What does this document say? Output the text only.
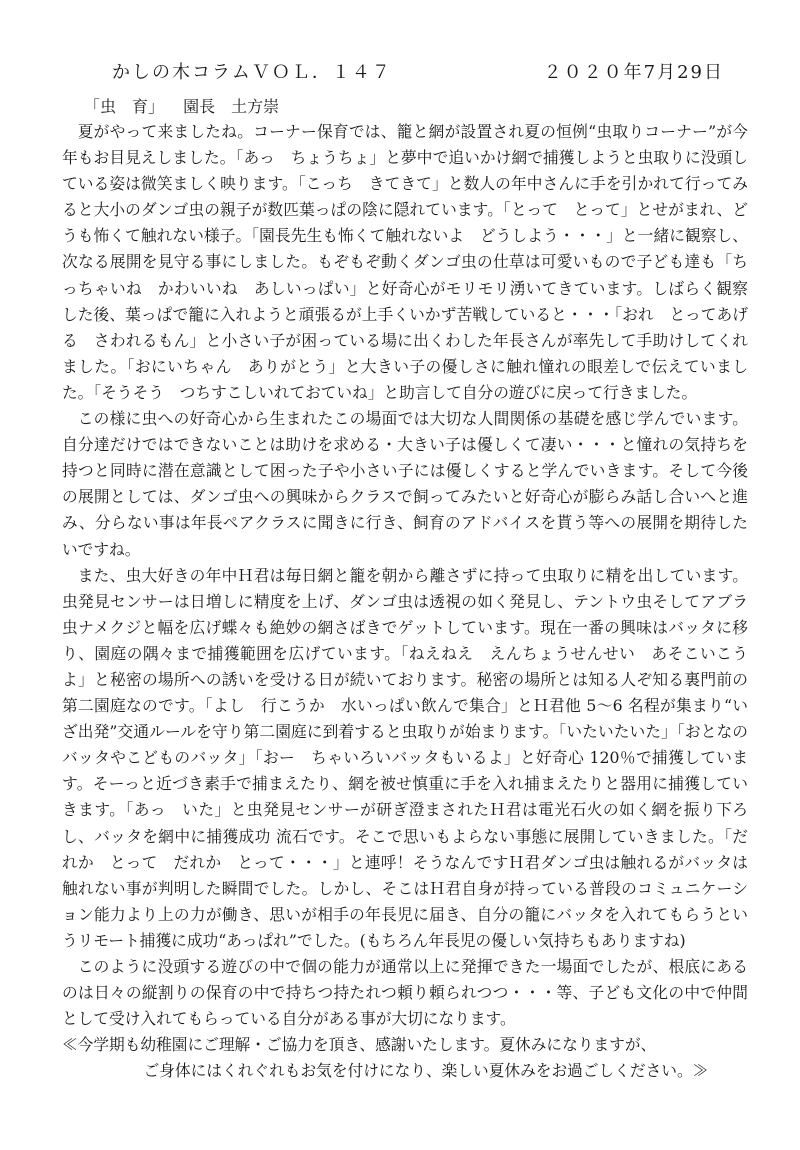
かしの木コラムＶＯＬ．１４７	２０２０年7月29日
「虫　育」 園長　土方崇

夏がやって来ましたね。コーナー保育では、籠と網が設置され夏の恒例“虫取りコーナー”が今年もお目見えしました。「あっ　ちょうちょ」と夢中で追いかけ網で捕獲しようと虫取りに没頭している姿は微笑ましく映ります。「こっち　きてきて」と数人の年中さんに手を引かれて行ってみると大小のダンゴ虫の親子が数匹葉っぱの陰に隠れています。「とって　とって」とせがまれ、どうも怖くて触れない様子。「園長先生も怖くて触れないよ　どうしよう・・・」と一緒に観察し、次なる展開を見守る事にしました。もぞもぞ動くダンゴ虫の仕草は可愛いもので子ども達も「ちっちゃいね　かわいいね　あしいっぱい」と好奇心がモリモリ湧いてきています。しばらく観察した後、葉っぱで籠に入れようと頑張るが上手くいかず苦戦していると・・・「おれ　とってあげる　さわれるもん」と小さい子が困っている場に出くわした年長さんが率先して手助けしてくれました。「おにいちゃん　ありがとう」と大きい子の優しさに触れ憧れの眼差しで伝えていました。「そうそう　つちすこしいれておていね」と助言して自分の遊びに戻って行きました。

この様に虫への好奇心から生まれたこの場面では大切な人間関係の基礎を感じ学んでいます。自分達だけではできないことは助けを求める・大きい子は優しくて凄い・・・と憧れの気持ちを持つと同時に潜在意識として困った子や小さい子には優しくすると学んでいきます。そして今後の展開としては、ダンゴ虫への興味からクラスで飼ってみたいと好奇心が膨らみ話し合いへと進み、分らない事は年長ペアクラスに聞きに行き、飼育のアドバイスを貰う等への展開を期待したいですね。

また、虫大好きの年中Ｈ君は毎日網と籠を朝から離さずに持って虫取りに精を出しています。虫発見センサーは日増しに精度を上げ、ダンゴ虫は透視の如く発見し、テントウ虫そしてアブラ虫ナメクジと幅を広げ蝶々も絶妙の網さばきでゲットしています。現在一番の興味はバッタに移り、園庭の隅々まで捕獲範囲を広げています。「ねえねえ　えんちょうせんせい　あそこいこうよ」と秘密の場所への誘いを受ける日が続いております。秘密の場所とは知る人ぞ知る裏門前の第二園庭なのです。「よし　行こうか　水いっぱい飲んで集合」とＨ君他 5～6 名程が集まり“いざ出発”交通ルールを守り第二園庭に到着すると虫取りが始まります。「いたいたいた」「おとなのバッタやこどものバッタ」「おー　ちゃいろいバッタもいるよ」と好奇心 120％で捕獲しています。そーっと近づき素手で捕まえたり、網を被せ慎重に手を入れ捕まえたりと器用に捕獲していきます。「あっ　いた」と虫発見センサーが研ぎ澄まされたＨ君は電光石火の如く網を振り下ろし、バッタを網中に捕獲成功 流石です。そこで思いもよらない事態に展開していきました。「だれか　とって　だれか　とって・・・」と連呼！そうなんですＨ君ダンゴ虫は触れるがバッタは触れない事が判明した瞬間でした。しかし、そこはＨ君自身が持っている普段のコミュニケーション能力より上の力が働き、思いが相手の年長児に届き、自分の籠にバッタを入れてもらうというリモート捕獲に成功“あっぱれ”でした。(もちろん年長児の優しい気持ちもありますね)

このように没頭する遊びの中で個の能力が通常以上に発揮できた一場面でしたが、根底にあるのは日々の縦割りの保育の中で持ちつ持たれつ頼り頼られつつ・・・等、子ども文化の中で仲間として受け入れてもらっている自分がある事が大切になります。

≪今学期も幼稚園にご理解・ご協力を頂き、感謝いたします。夏休みになりますが、
ご身体にはくれぐれもお気を付けになり、楽しい夏休みをお過ごしください。≫
